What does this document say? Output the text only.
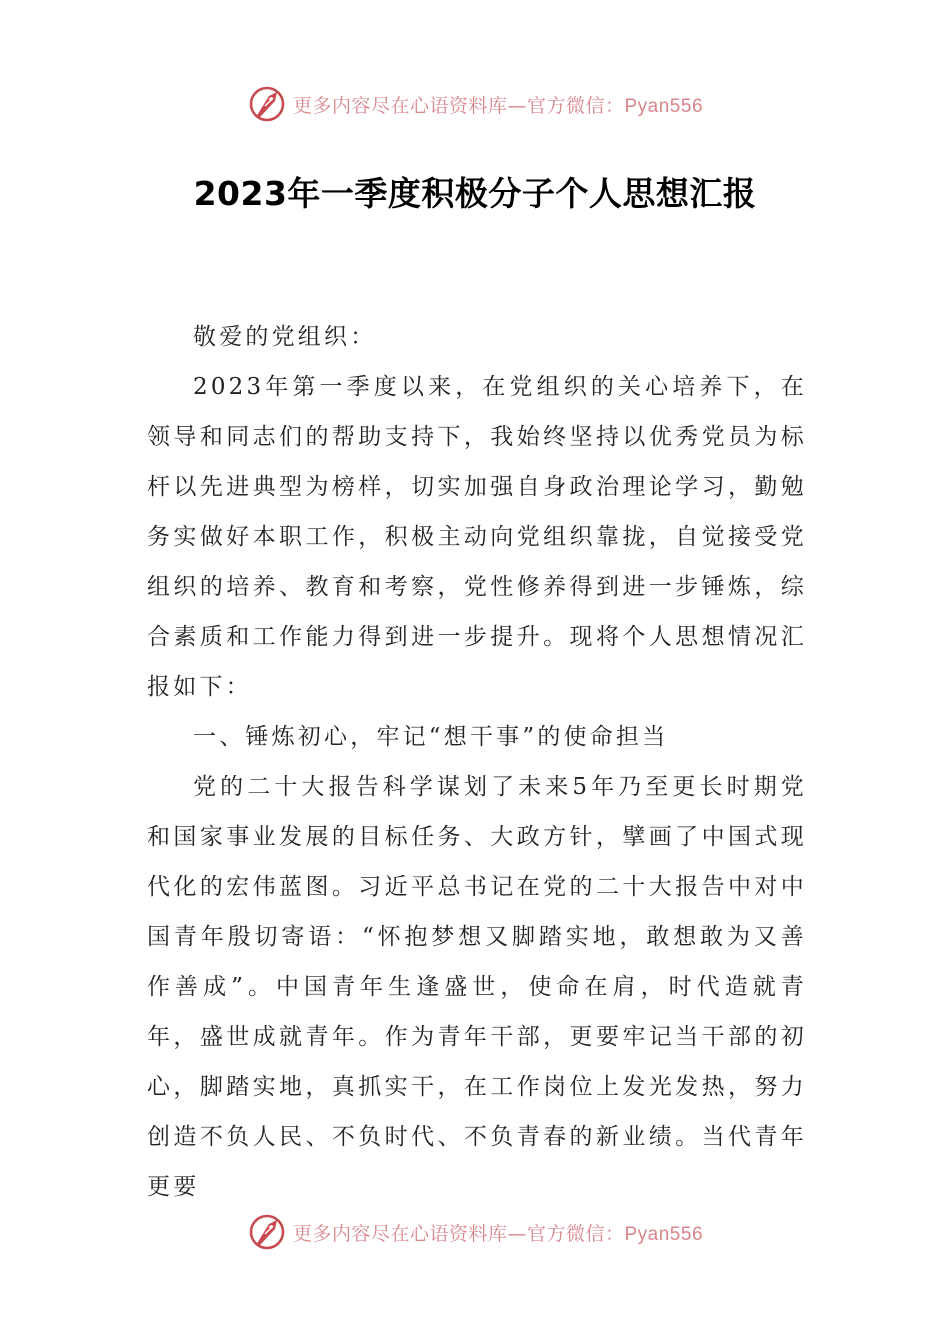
更多内容尽在心语资料库—官方微信：Pyan556
2023年一季度积极分子个人思想汇报

敬爱的党组织：

2023年第一季度以来，在党组织的关心培养下，在领导和同志们的帮助支持下，我始终坚持以优秀党员为标杆以先进典型为榜样，切实加强自身政治理论学习，勤勉务实做好本职工作，积极主动向党组织靠拢，自觉接受党组织的培养、教育和考察，党性修养得到进一步锤炼，综合素质和工作能力得到进一步提升。现将个人思想情况汇报如下：

一、锤炼初心，牢记“想干事”的使命担当

党的二十大报告科学谋划了未来5年乃至更长时期党和国家事业发展的目标任务、大政方针，擘画了中国式现代化的宏伟蓝图。习近平总书记在党的二十大报告中对中国青年殷切寄语：“怀抱梦想又脚踏实地，敢想敢为又善作善成”。中国青年生逢盛世，使命在肩，时代造就青年，盛世成就青年。作为青年干部，更要牢记当干部的初心，脚踏实地，真抓实干，在工作岗位上发光发热，努力创造不负人民、不负时代、不负青春的新业绩。当代青年更要

更多内容尽在心语资料库—官方微信：Pyan556
